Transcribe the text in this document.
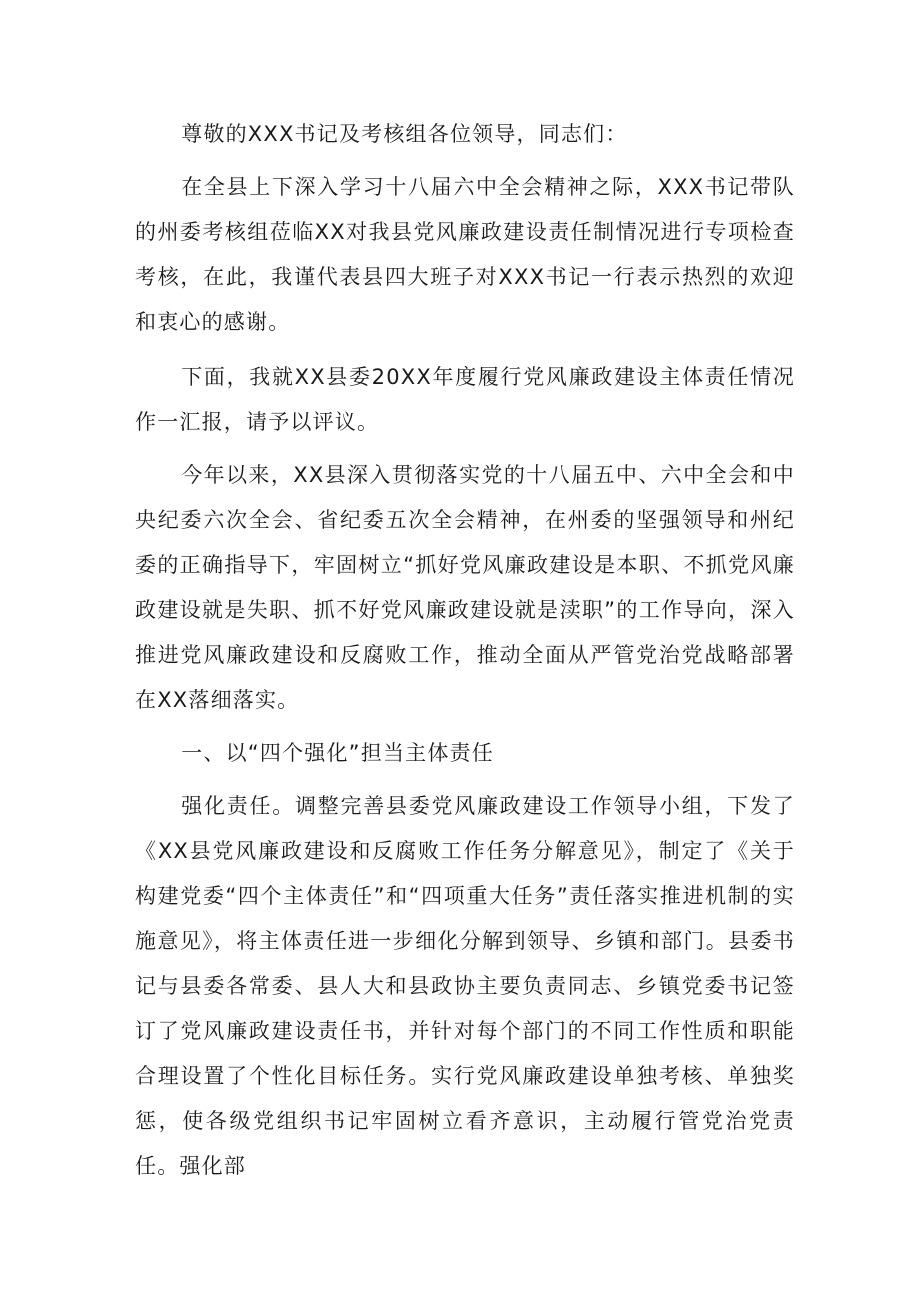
尊敬的XXX书记及考核组各位领导，同志们：

在全县上下深入学习十八届六中全会精神之际，XXX书记带队的州委考核组莅临XX对我县党风廉政建设责任制情况进行专项检查考核，在此，我谨代表县四大班子对XXX书记一行表示热烈的欢迎和衷心的感谢。

下面，我就XX县委20XX年度履行党风廉政建设主体责任情况作一汇报，请予以评议。

今年以来，XX县深入贯彻落实党的十八届五中、六中全会和中央纪委六次全会、省纪委五次全会精神，在州委的坚强领导和州纪委的正确指导下，牢固树立“抓好党风廉政建设是本职、不抓党风廉政建设就是失职、抓不好党风廉政建设就是渎职”的工作导向，深入推进党风廉政建设和反腐败工作，推动全面从严管党治党战略部署在XX落细落实。

一、以“四个强化”担当主体责任

强化责任。调整完善县委党风廉政建设工作领导小组，下发了《XX县党风廉政建设和反腐败工作任务分解意见》，制定了《关于构建党委“四个主体责任”和“四项重大任务”责任落实推进机制的实施意见》，将主体责任进一步细化分解到领导、乡镇和部门。县委书记与县委各常委、县人大和县政协主要负责同志、乡镇党委书记签订了党风廉政建设责任书，并针对每个部门的不同工作性质和职能合理设置了个性化目标任务。实行党风廉政建设单独考核、单独奖惩，使各级党组织书记牢固树立看齐意识，主动履行管党治党责任。强化部
